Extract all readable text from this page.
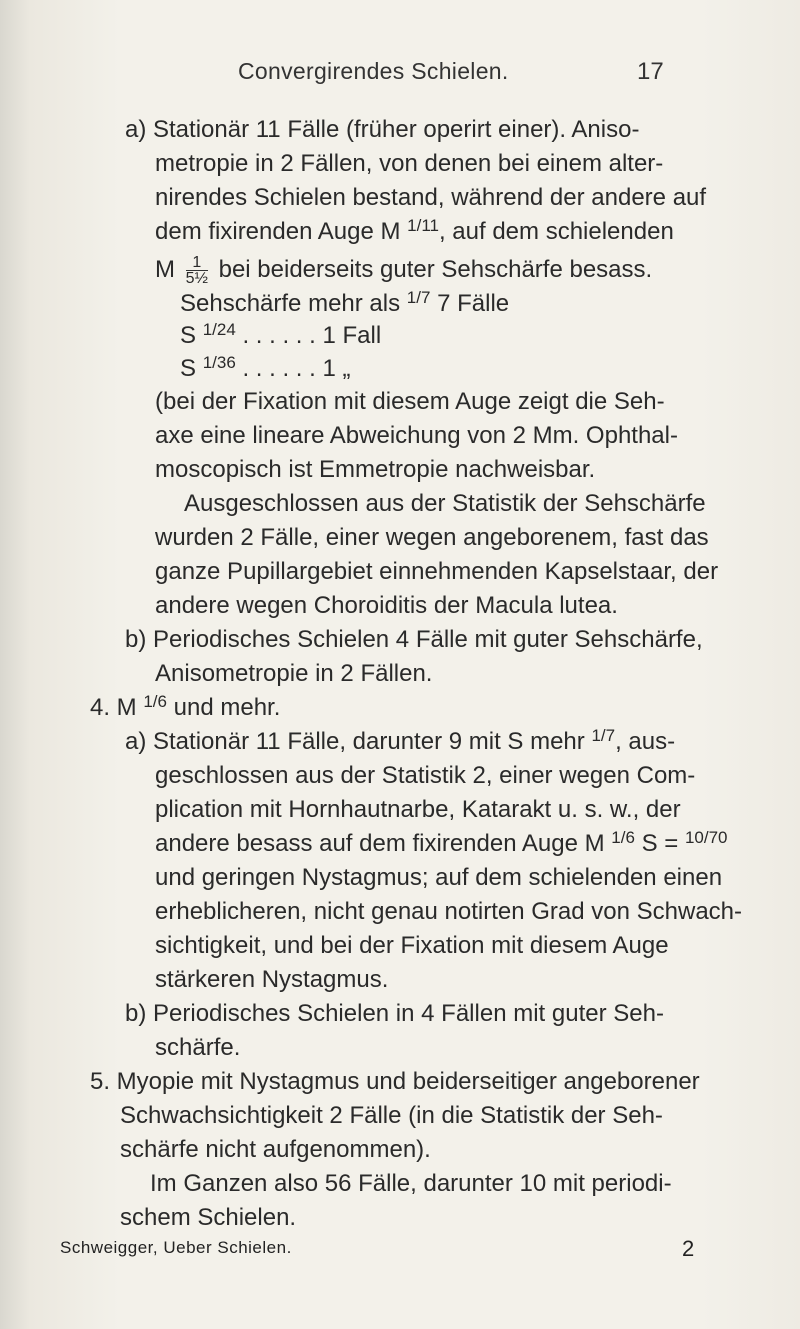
Convergirendes Schielen.	17
a) Stationär 11 Fälle (früher operirt einer). Aniso-
metropie in 2 Fällen, von denen bei einem alter-
nirendes Schielen bestand, während der andere auf
dem fixirenden Auge M $^{1/11}$, auf dem schielenden
M $\frac{1}{\text{5½}}$ bei beiderseits guter Sehschärfe besass.
Sehschärfe mehr als $^{1/7}$ 7 Fälle
S $^{1/24}$ . . . . . . 1 Fall
S $^{1/36}$ . . . . . . 1 „
(bei der Fixation mit diesem Auge zeigt die Seh-
axe eine lineare Abweichung von 2 Mm. Ophthal-
moscopisch ist Emmetropie nachweisbar.
Ausgeschlossen aus der Statistik der Sehschärfe
wurden 2 Fälle, einer wegen angeborenem, fast das
ganze Pupillargebiet einnehmenden Kapselstaar, der
andere wegen Choroiditis der Macula lutea.
b) Periodisches Schielen 4 Fälle mit guter Sehschärfe,
Anisometropie in 2 Fällen.
4. M $^{1/6}$ und mehr.
a) Stationär 11 Fälle, darunter 9 mit S mehr $^{1/7}$, aus-
geschlossen aus der Statistik 2, einer wegen Com-
plication mit Hornhautnarbe, Katarakt u. s. w., der
andere besass auf dem fixirenden Auge M $^{1/6}$ S = $^{10/70}$
und geringen Nystagmus; auf dem schielenden einen
erheblicheren, nicht genau notirten Grad von Schwach-
sichtigkeit, und bei der Fixation mit diesem Auge
stärkeren Nystagmus.
b) Periodisches Schielen in 4 Fällen mit guter Seh-
schärfe.
5. Myopie mit Nystagmus und beiderseitiger angeborener
Schwachsichtigkeit 2 Fälle (in die Statistik der Seh-
schärfe nicht aufgenommen).
Im Ganzen also 56 Fälle, darunter 10 mit periodi-
schem Schielen.
Schweigger, Ueber Schielen.	2
